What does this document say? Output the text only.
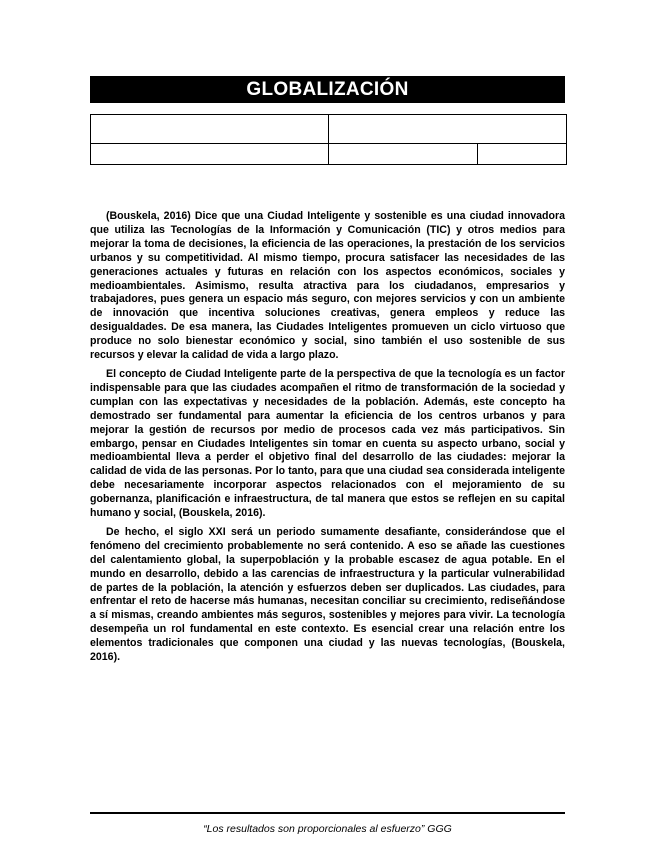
GLOBALIZACIÓN

(Bouskela, 2016) Dice que una Ciudad Inteligente y sostenible es una ciudad innovadora que utiliza las Tecnologías de la Información y Comunicación (TIC) y otros medios para mejorar la toma de decisiones, la eficiencia de las operaciones, la prestación de los servicios urbanos y su competitividad. Al mismo tiempo, procura satisfacer las necesidades de las generaciones actuales y futuras en relación con los aspectos económicos, sociales y medioambientales. Asimismo, resulta atractiva para los ciudadanos, empresarios y trabajadores, pues genera un espacio más seguro, con mejores servicios y con un ambiente de innovación que incentiva soluciones creativas, genera empleos y reduce las desigualdades. De esa manera, las Ciudades Inteligentes promueven un ciclo virtuoso que produce no solo bienestar económico y social, sino también el uso sostenible de sus recursos y elevar la calidad de vida a largo plazo.

El concepto de Ciudad Inteligente parte de la perspectiva de que la tecnología es un factor indispensable para que las ciudades acompañen el ritmo de transformación de la sociedad y cumplan con las expectativas y necesidades de la población. Además, este concepto ha demostrado ser fundamental para aumentar la eficiencia de los centros urbanos y para mejorar la gestión de recursos por medio de procesos cada vez más participativos. Sin embargo, pensar en Ciudades Inteligentes sin tomar en cuenta su aspecto urbano, social y medioambiental lleva a perder el objetivo final del desarrollo de las ciudades: mejorar la calidad de vida de las personas. Por lo tanto, para que una ciudad sea considerada inteligente debe necesariamente incorporar aspectos relacionados con el mejoramiento de su gobernanza, planificación e infraestructura, de tal manera que estos se reflejen en su capital humano y social, (Bouskela, 2016).

De hecho, el siglo XXI será un periodo sumamente desafiante, considerándose que el fenómeno del crecimiento probablemente no será contenido. A eso se añade las cuestiones del calentamiento global, la superpoblación y la probable escasez de agua potable. En el mundo en desarrollo, debido a las carencias de infraestructura y la particular vulnerabilidad de partes de la población, la atención y esfuerzos deben ser duplicados. Las ciudades, para enfrentar el reto de hacerse más humanas, necesitan conciliar su crecimiento, rediseñándose a sí mismas, creando ambientes más seguros, sostenibles y mejores para vivir. La tecnología desempeña un rol fundamental en este contexto. Es esencial crear una relación entre los elementos tradicionales que componen una ciudad y las nuevas tecnologías, (Bouskela, 2016).

“Los resultados son proporcionales al esfuerzo” GGG
